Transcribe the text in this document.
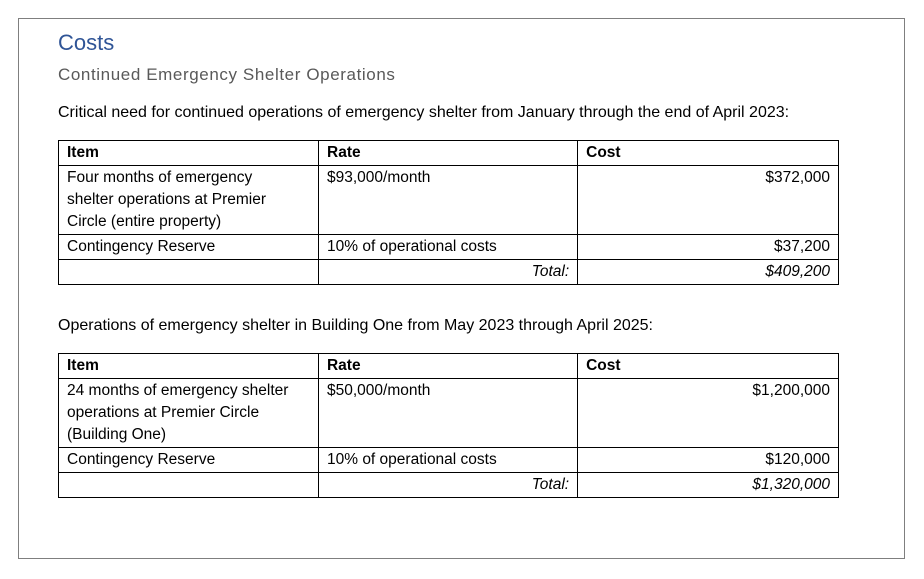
Costs
Continued Emergency Shelter Operations
Critical need for continued operations of emergency shelter from January through the end of April 2023:
Item	Rate	Cost
Four months of emergency shelter operations at Premier Circle (entire property)	$93,000/month	$372,000
Contingency Reserve	10% of operational costs	$37,200
	Total:	$409,200
Operations of emergency shelter in Building One from May 2023 through April 2025:
Item	Rate	Cost
24 months of emergency shelter operations at Premier Circle (Building One)	$50,000/month	$1,200,000
Contingency Reserve	10% of operational costs	$120,000
	Total:	$1,320,000
